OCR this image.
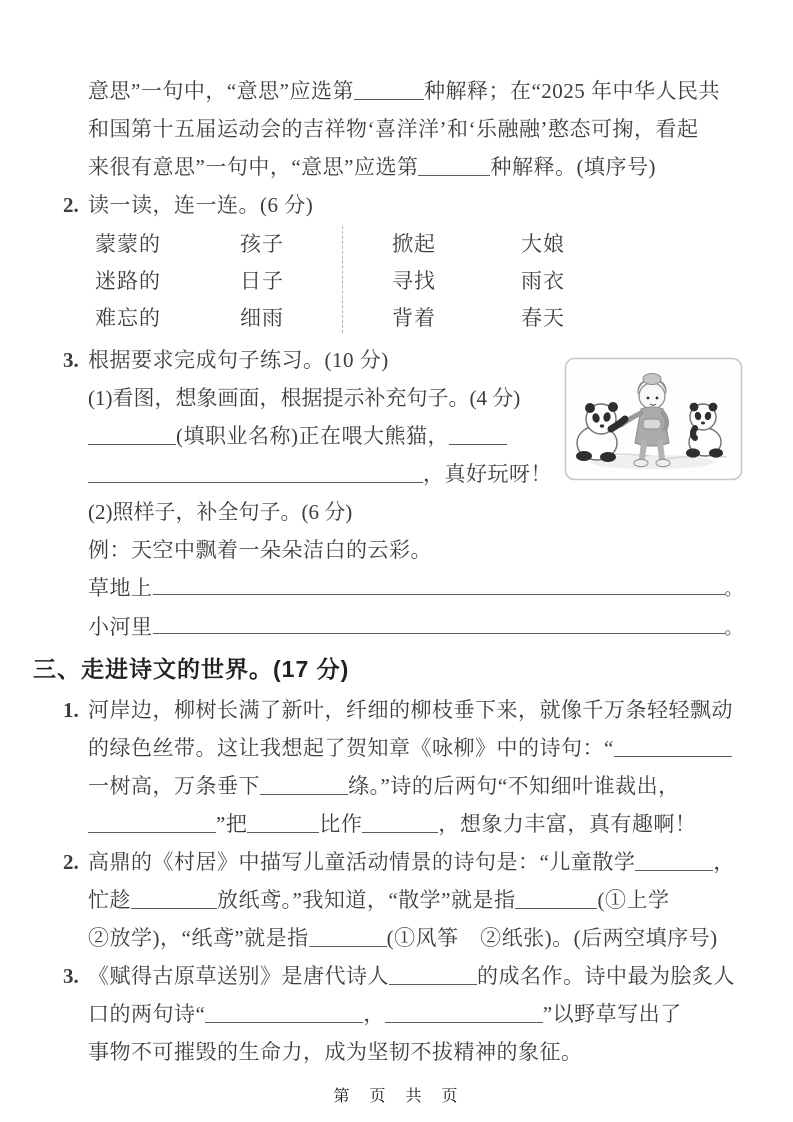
意思”一句中，“意思”应选第	种解释；在“2025 年中华人民共
和国第十五届运动会的吉祥物‘喜洋洋’和‘乐融融’憨态可掬，看起
来很有意思”一句中，“意思”应选第	种解释。(填序号)
2. 读一读，连一连。(6 分)
蒙蒙的	孩子	掀起	大娘
迷路的	日子	寻找	雨衣
难忘的	细雨	背着	春天
3. 根据要求完成句子练习。(10 分)
(1)看图，想象画面，根据提示补充句子。(4 分)
(填职业名称)正在喂大熊猫，
，真好玩呀！
(2)照样子，补全句子。(6 分)
例：天空中飘着一朵朵洁白的云彩。
草地上	。
小河里	。
三、走进诗文的世界。(17 分)
1. 河岸边，柳树长满了新叶，纤细的柳枝垂下来，就像千万条轻轻飘动
的绿色丝带。这让我想起了贺知章《咏柳》中的诗句：“
一树高，万条垂下	绦。”诗的后两句“不知细叶谁裁出，
”把	比作	，想象力丰富，真有趣啊！
2. 高鼎的《村居》中描写儿童活动情景的诗句是：“儿童散学	，
忙趁	放纸鸢。”我知道，“散学”就是指	(①上学
②放学)，“纸鸢”就是指	(①风筝　②纸张)。(后两空填序号)
3. 《赋得古原草送别》是唐代诗人	的成名作。诗中最为脍炙人
口的两句诗“	，	”以野草写出了
事物不可摧毁的生命力，成为坚韧不拔精神的象征。
第　页　共　页
